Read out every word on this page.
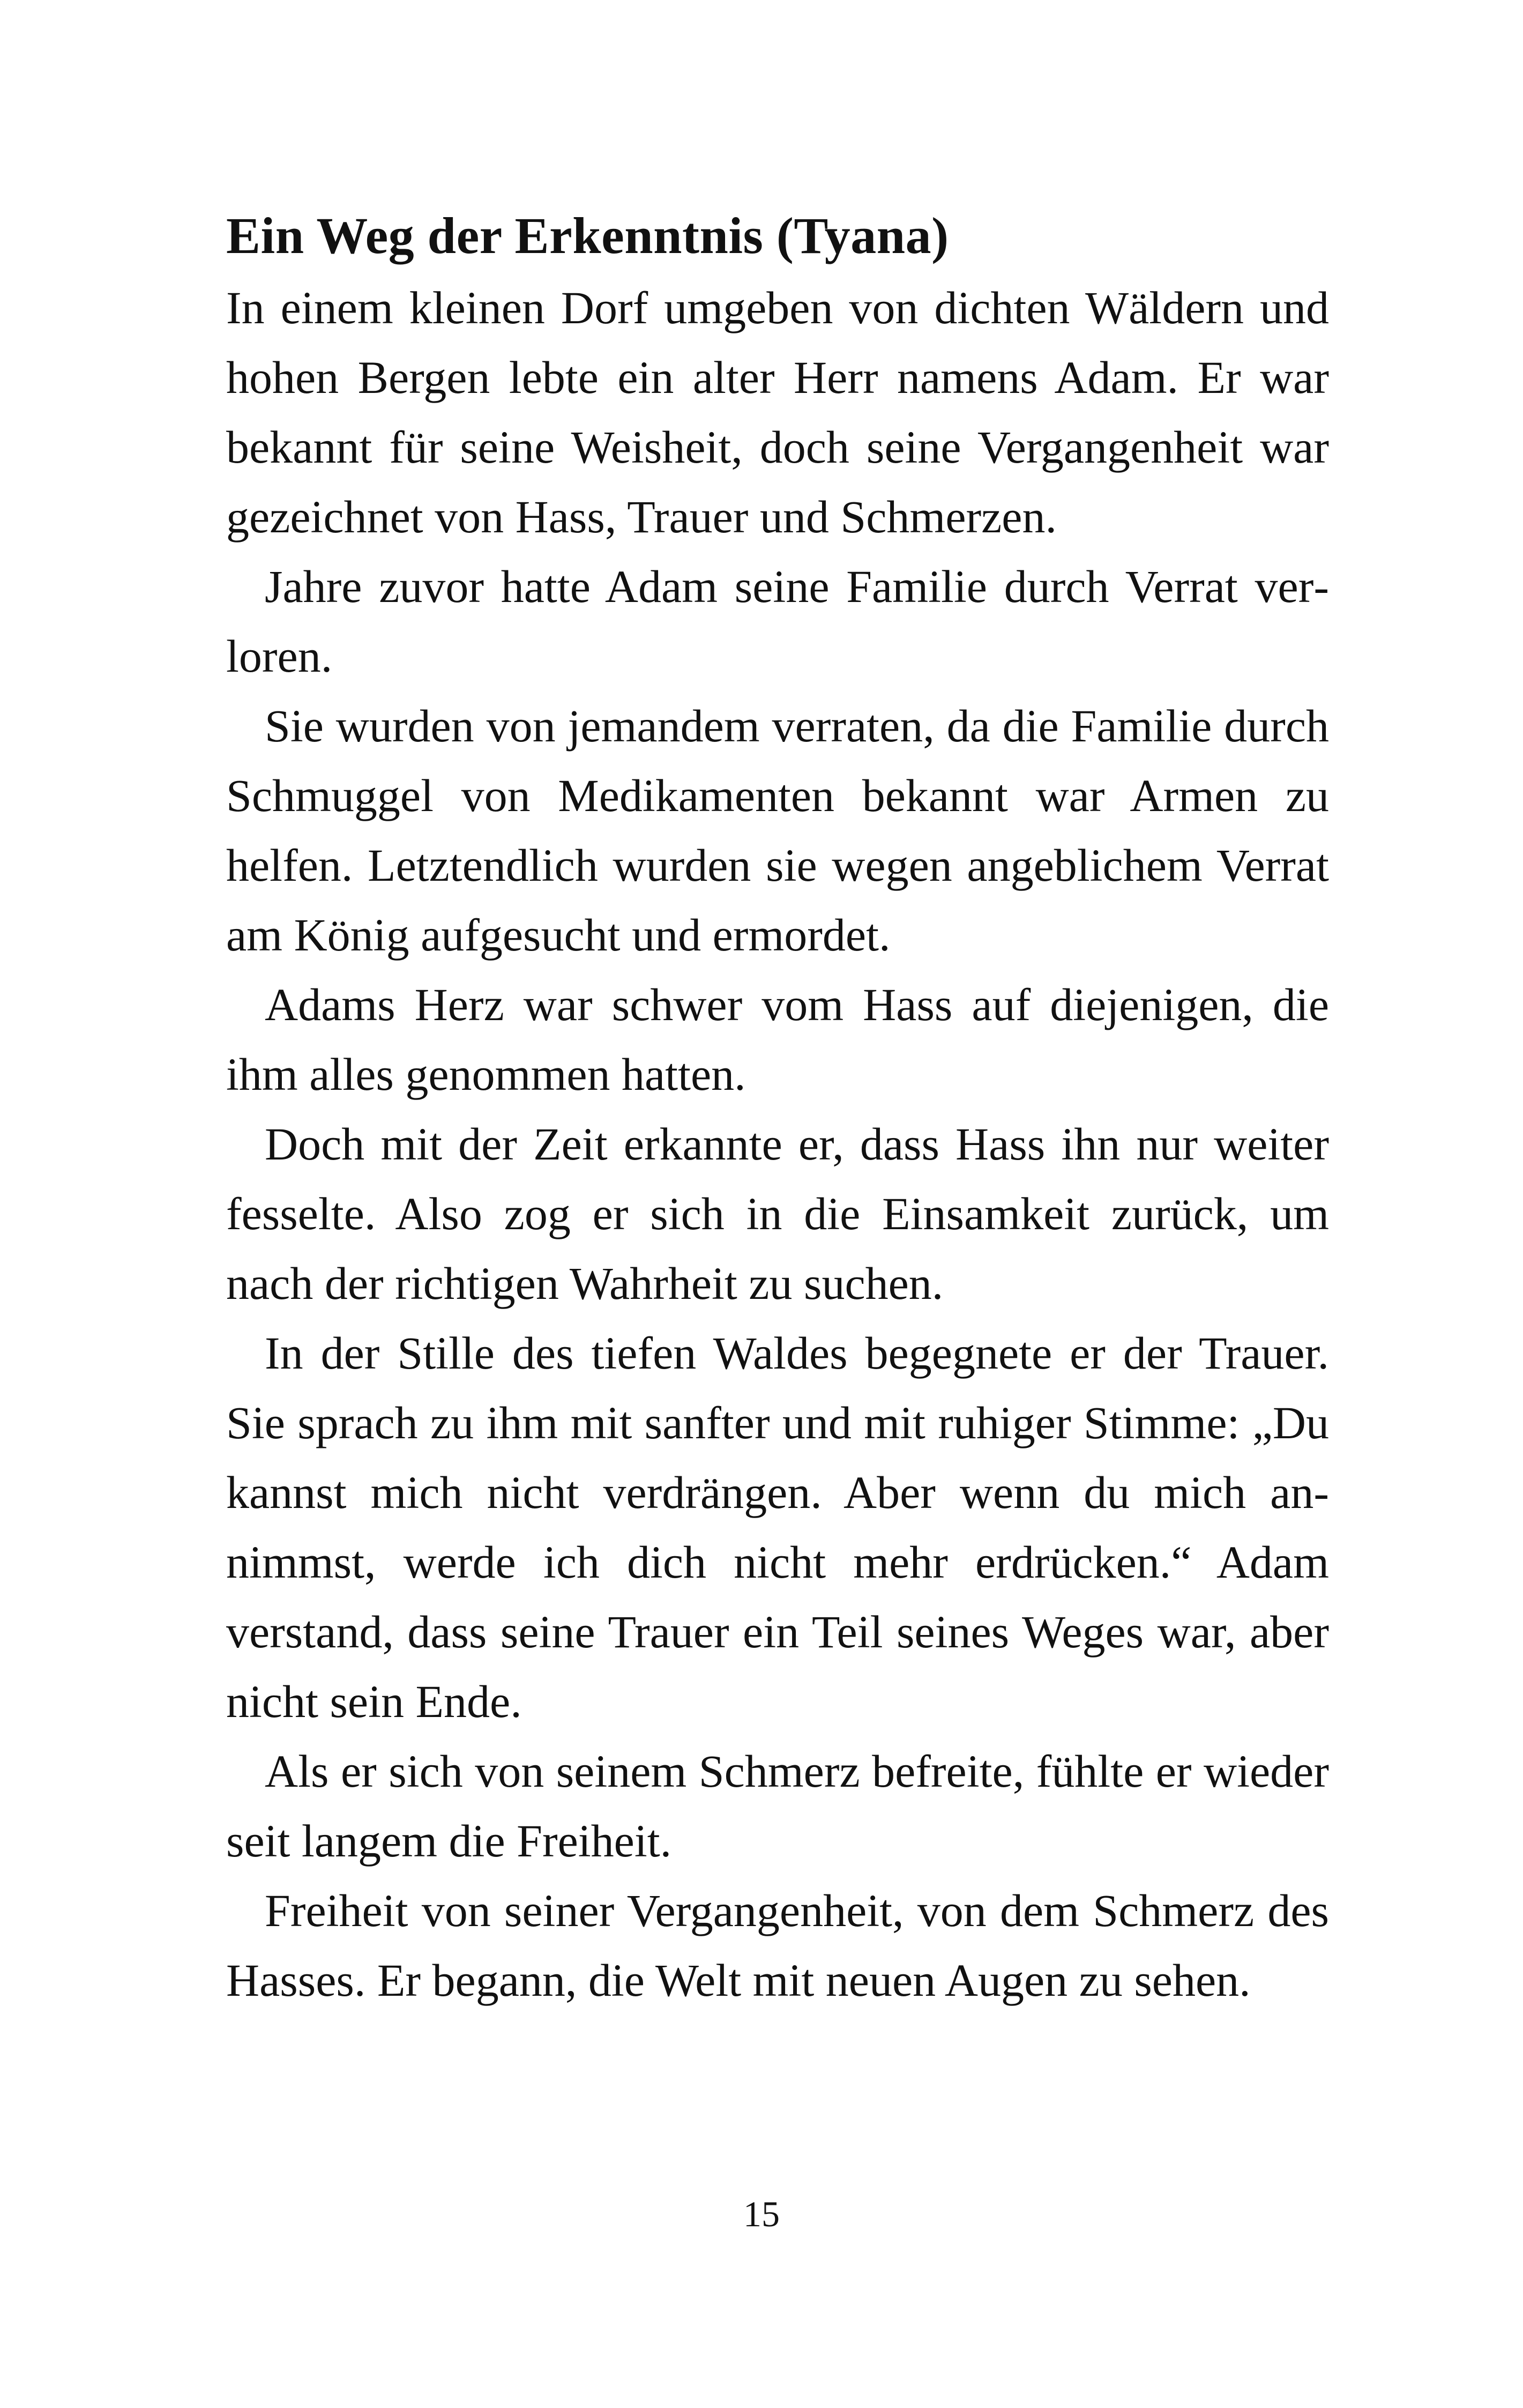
Ein Weg der Erkenntnis (Tyana)

In einem kleinen Dorf umgeben von dichten Wäldern und hohen Bergen lebte ein alter Herr namens Adam. Er war bekannt für seine Weisheit, doch seine Vergangenheit war gezeichnet von Hass, Trauer und Schmerzen.

Jahre zuvor hatte Adam seine Familie durch Verrat verloren.

Sie wurden von jemandem verraten, da die Familie durch Schmuggel von Medikamenten bekannt war Armen zu helfen. Letztendlich wurden sie wegen angeblichem Verrat am König aufgesucht und ermordet.

Adams Herz war schwer vom Hass auf diejenigen, die ihm alles genommen hatten.

Doch mit der Zeit erkannte er, dass Hass ihn nur weiter fesselte. Also zog er sich in die Einsamkeit zurück, um nach der richtigen Wahrheit zu suchen.

In der Stille des tiefen Waldes begegnete er der Trauer. Sie sprach zu ihm mit sanfter und mit ruhiger Stimme: „Du kannst mich nicht verdrängen. Aber wenn du mich annimmst, werde ich dich nicht mehr erdrücken.“ Adam verstand, dass seine Trauer ein Teil seines Weges war, aber nicht sein Ende.

Als er sich von seinem Schmerz befreite, fühlte er wieder seit langem die Freiheit.

Freiheit von seiner Vergangenheit, von dem Schmerz des Hasses. Er begann, die Welt mit neuen Augen zu sehen.

15
